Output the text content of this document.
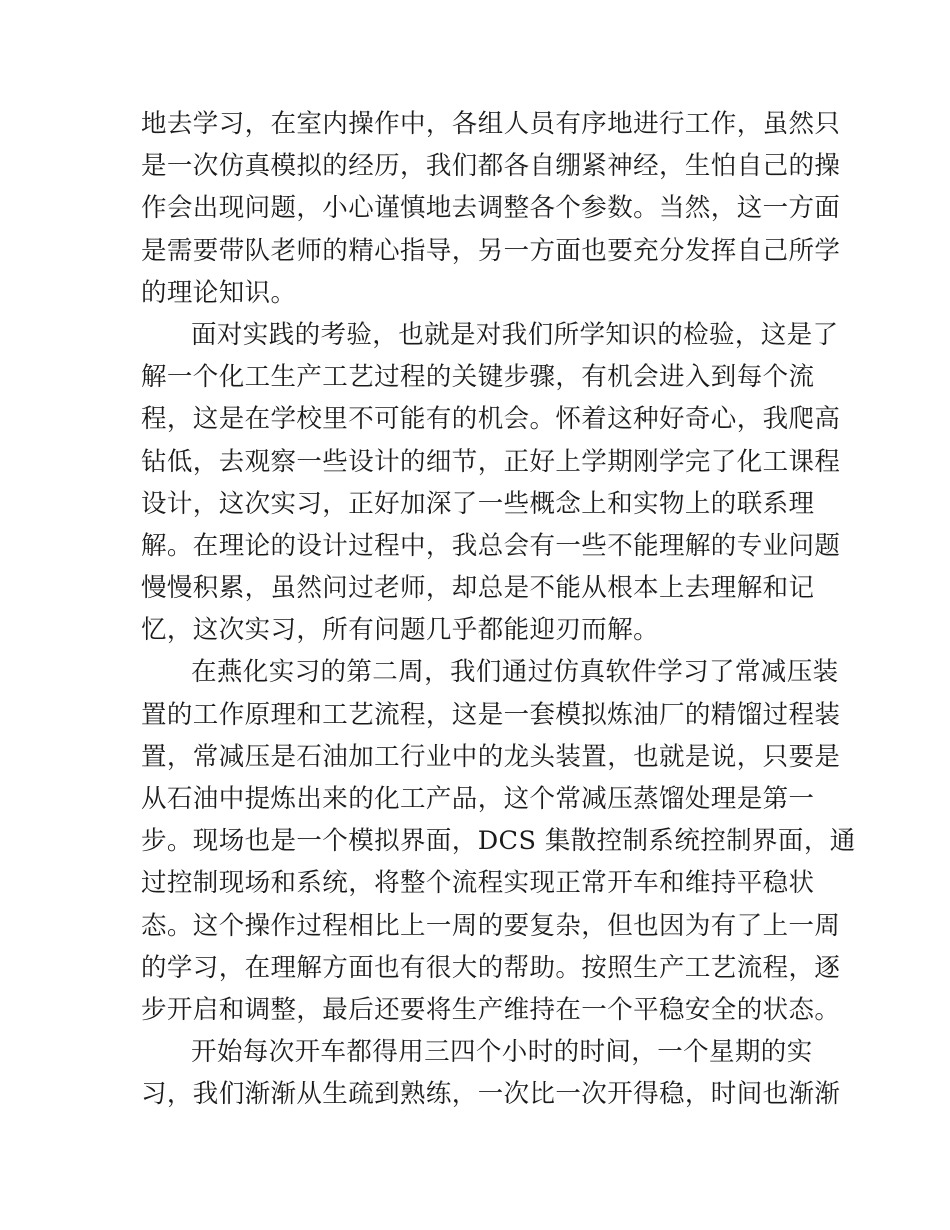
地去学习，在室内操作中，各组人员有序地进行工作，虽然只
是一次仿真模拟的经历，我们都各自绷紧神经，生怕自己的操
作会出现问题，小心谨慎地去调整各个参数。当然，这一方面
是需要带队老师的精心指导，另一方面也要充分发挥自己所学
的理论知识。
面对实践的考验，也就是对我们所学知识的检验，这是了
解一个化工生产工艺过程的关键步骤，有机会进入到每个流
程，这是在学校里不可能有的机会。怀着这种好奇心，我爬高
钻低，去观察一些设计的细节，正好上学期刚学完了化工课程
设计，这次实习，正好加深了一些概念上和实物上的联系理
解。在理论的设计过程中，我总会有一些不能理解的专业问题
慢慢积累，虽然问过老师，却总是不能从根本上去理解和记
忆，这次实习，所有问题几乎都能迎刃而解。
在燕化实习的第二周，我们通过仿真软件学习了常减压装
置的工作原理和工艺流程，这是一套模拟炼油厂的精馏过程装
置，常减压是石油加工行业中的龙头装置，也就是说，只要是
从石油中提炼出来的化工产品，这个常减压蒸馏处理是第一
步。现场也是一个模拟界面，DCS 集散控制系统控制界面，通
过控制现场和系统，将整个流程实现正常开车和维持平稳状
态。这个操作过程相比上一周的要复杂，但也因为有了上一周
的学习，在理解方面也有很大的帮助。按照生产工艺流程，逐
步开启和调整，最后还要将生产维持在一个平稳安全的状态。
开始每次开车都得用三四个小时的时间，一个星期的实
习，我们渐渐从生疏到熟练，一次比一次开得稳，时间也渐渐
